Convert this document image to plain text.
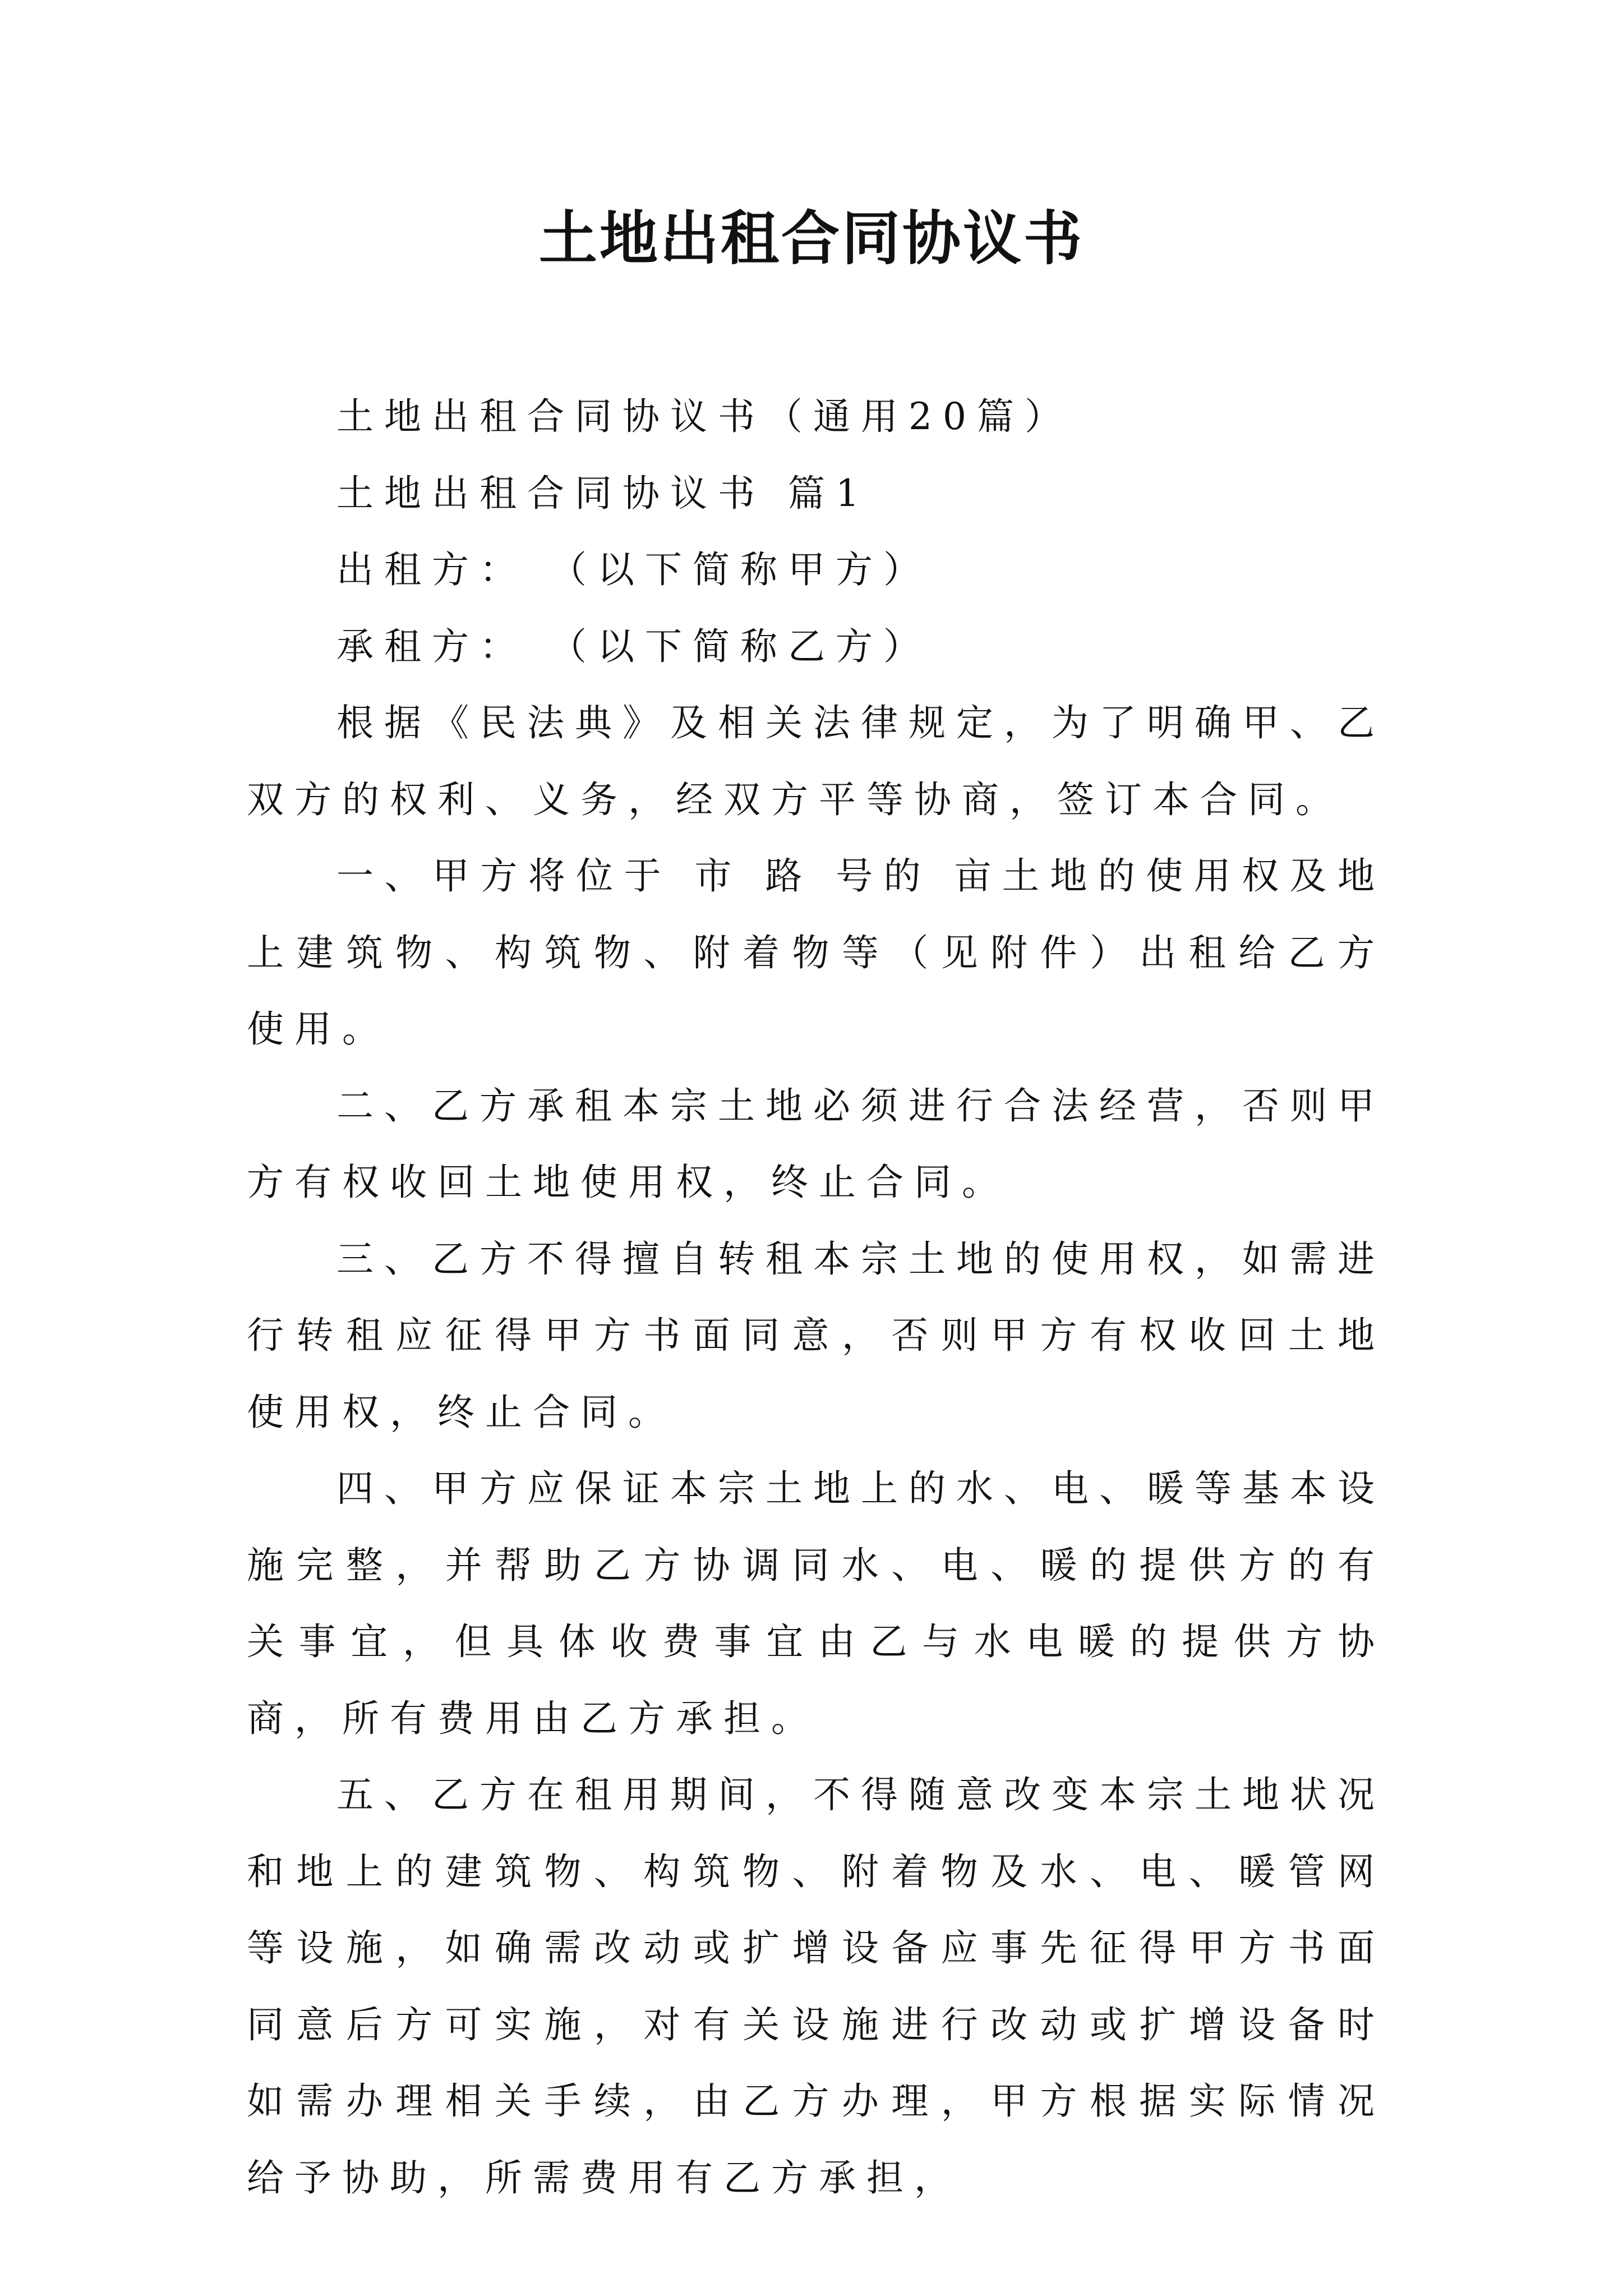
土地出租合同协议书

土地出租合同协议书（通用20篇）

土地出租合同协议书 篇1

出租方： （以下简称甲方）

承租方： （以下简称乙方）

根据《民法典》及相关法律规定，为了明确甲、乙双方的权利、义务，经双方平等协商，签订本合同。

一、甲方将位于 市 路 号的 亩土地的使用权及地上建筑物、构筑物、附着物等（见附件）出租给乙方使用。

二、乙方承租本宗土地必须进行合法经营，否则甲方有权收回土地使用权，终止合同。

三、乙方不得擅自转租本宗土地的使用权，如需进行转租应征得甲方书面同意，否则甲方有权收回土地使用权，终止合同。

四、甲方应保证本宗土地上的水、电、暖等基本设施完整，并帮助乙方协调同水、电、暖的提供方的有关事宜，但具体收费事宜由乙与水电暖的提供方协商，所有费用由乙方承担。

五、乙方在租用期间，不得随意改变本宗土地状况和地上的建筑物、构筑物、附着物及水、电、暖管网等设施，如确需改动或扩增设备应事先征得甲方书面同意后方可实施，对有关设施进行改动或扩增设备时如需办理相关手续，由乙方办理，甲方根据实际情况给予协助，所需费用有乙方承担，
